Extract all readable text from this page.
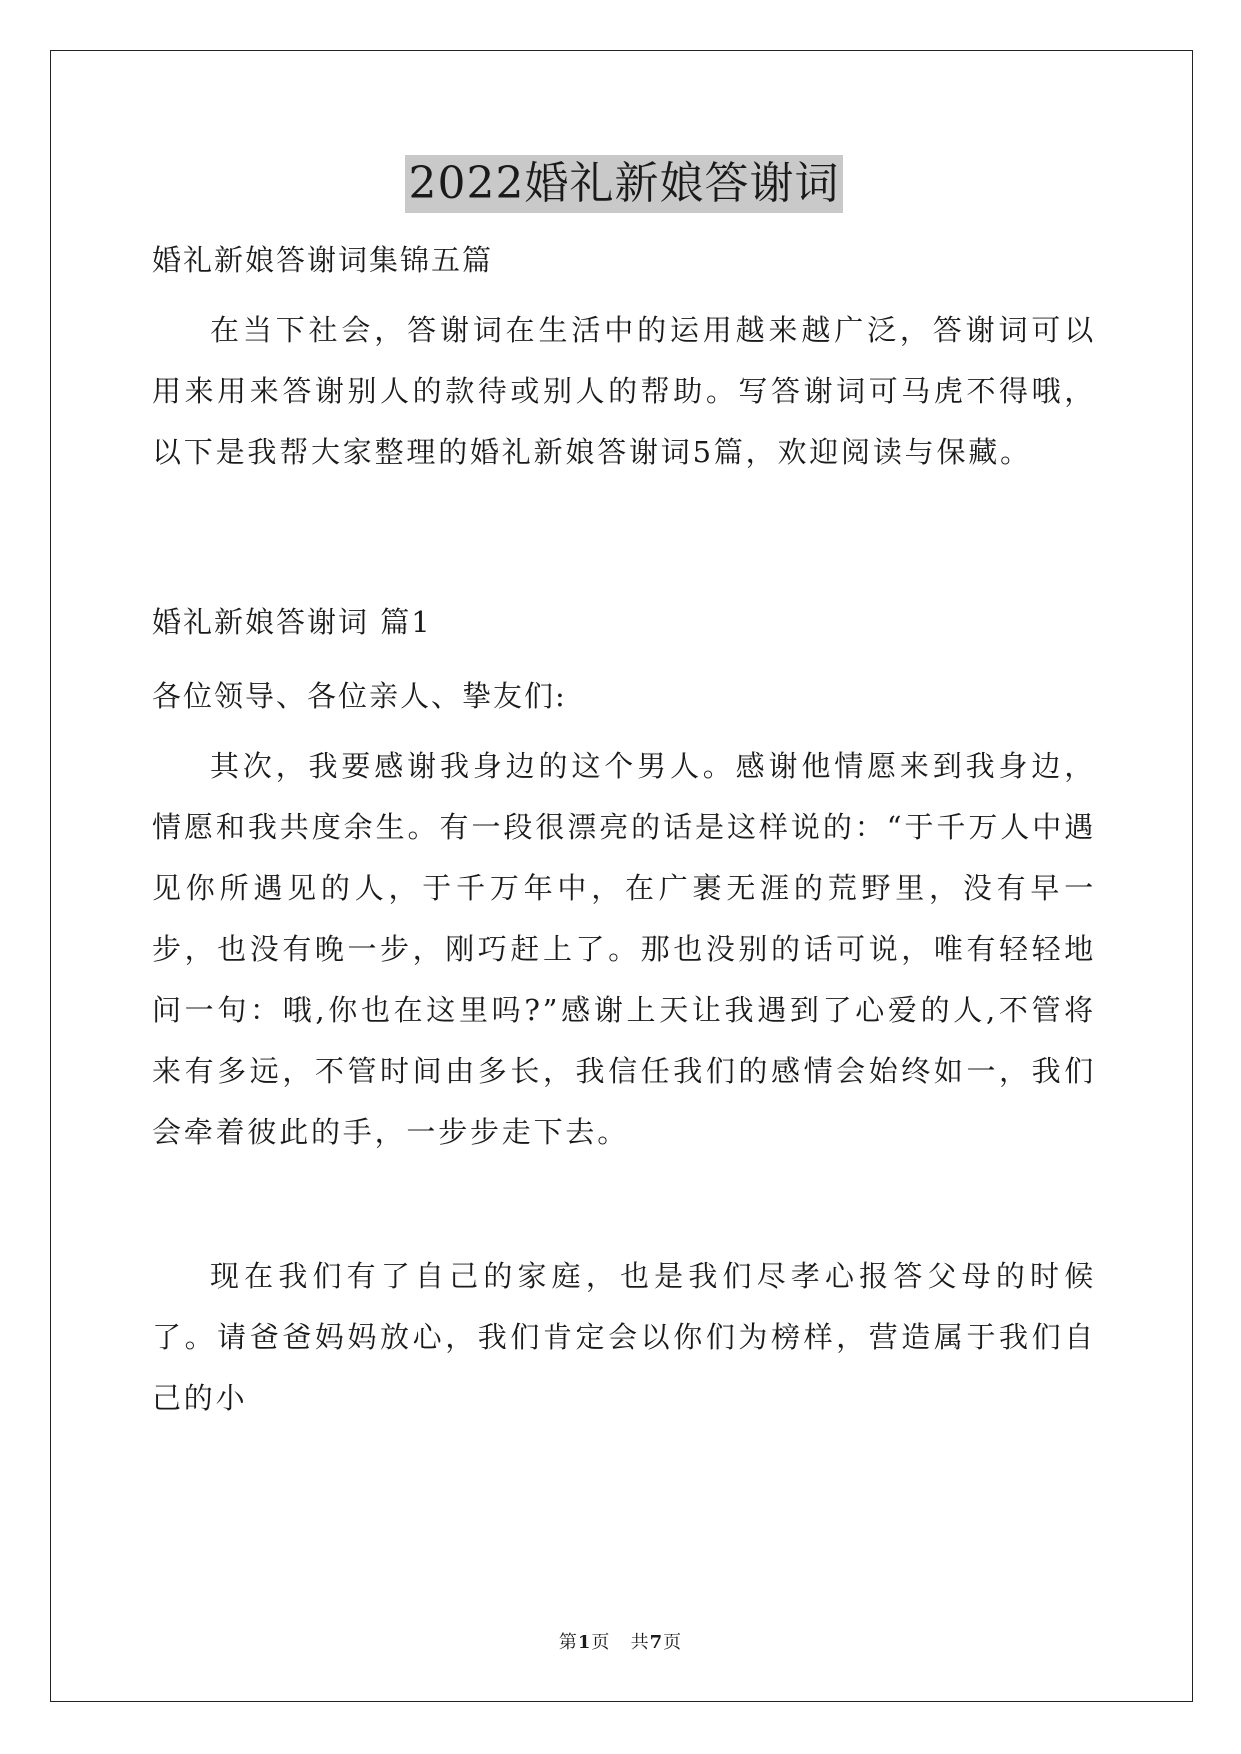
2022婚礼新娘答谢词
婚礼新娘答谢词集锦五篇
在当下社会，答谢词在生活中的运用越来越广泛，答谢词可以用来用来答谢别人的款待或别人的帮助。写答谢词可马虎不得哦，以下是我帮大家整理的婚礼新娘答谢词5篇，欢迎阅读与保藏。
婚礼新娘答谢词 篇1
各位领导、各位亲人、挚友们:
其次，我要感谢我身边的这个男人。感谢他情愿来到我身边，情愿和我共度余生。有一段很漂亮的话是这样说的：“于千万人中遇见你所遇见的人，于千万年中，在广裹无涯的荒野里，没有早一步，也没有晚一步，刚巧赶上了。那也没别的话可说，唯有轻轻地问一句：哦,你也在这里吗?”感谢上天让我遇到了心爱的人,不管将来有多远，不管时间由多长，我信任我们的感情会始终如一，我们会牵着彼此的手，一步步走下去。
现在我们有了自己的家庭，也是我们尽孝心报答父母的时候了。请爸爸妈妈放心，我们肯定会以你们为榜样，营造属于我们自己的小
第1页 共7页
